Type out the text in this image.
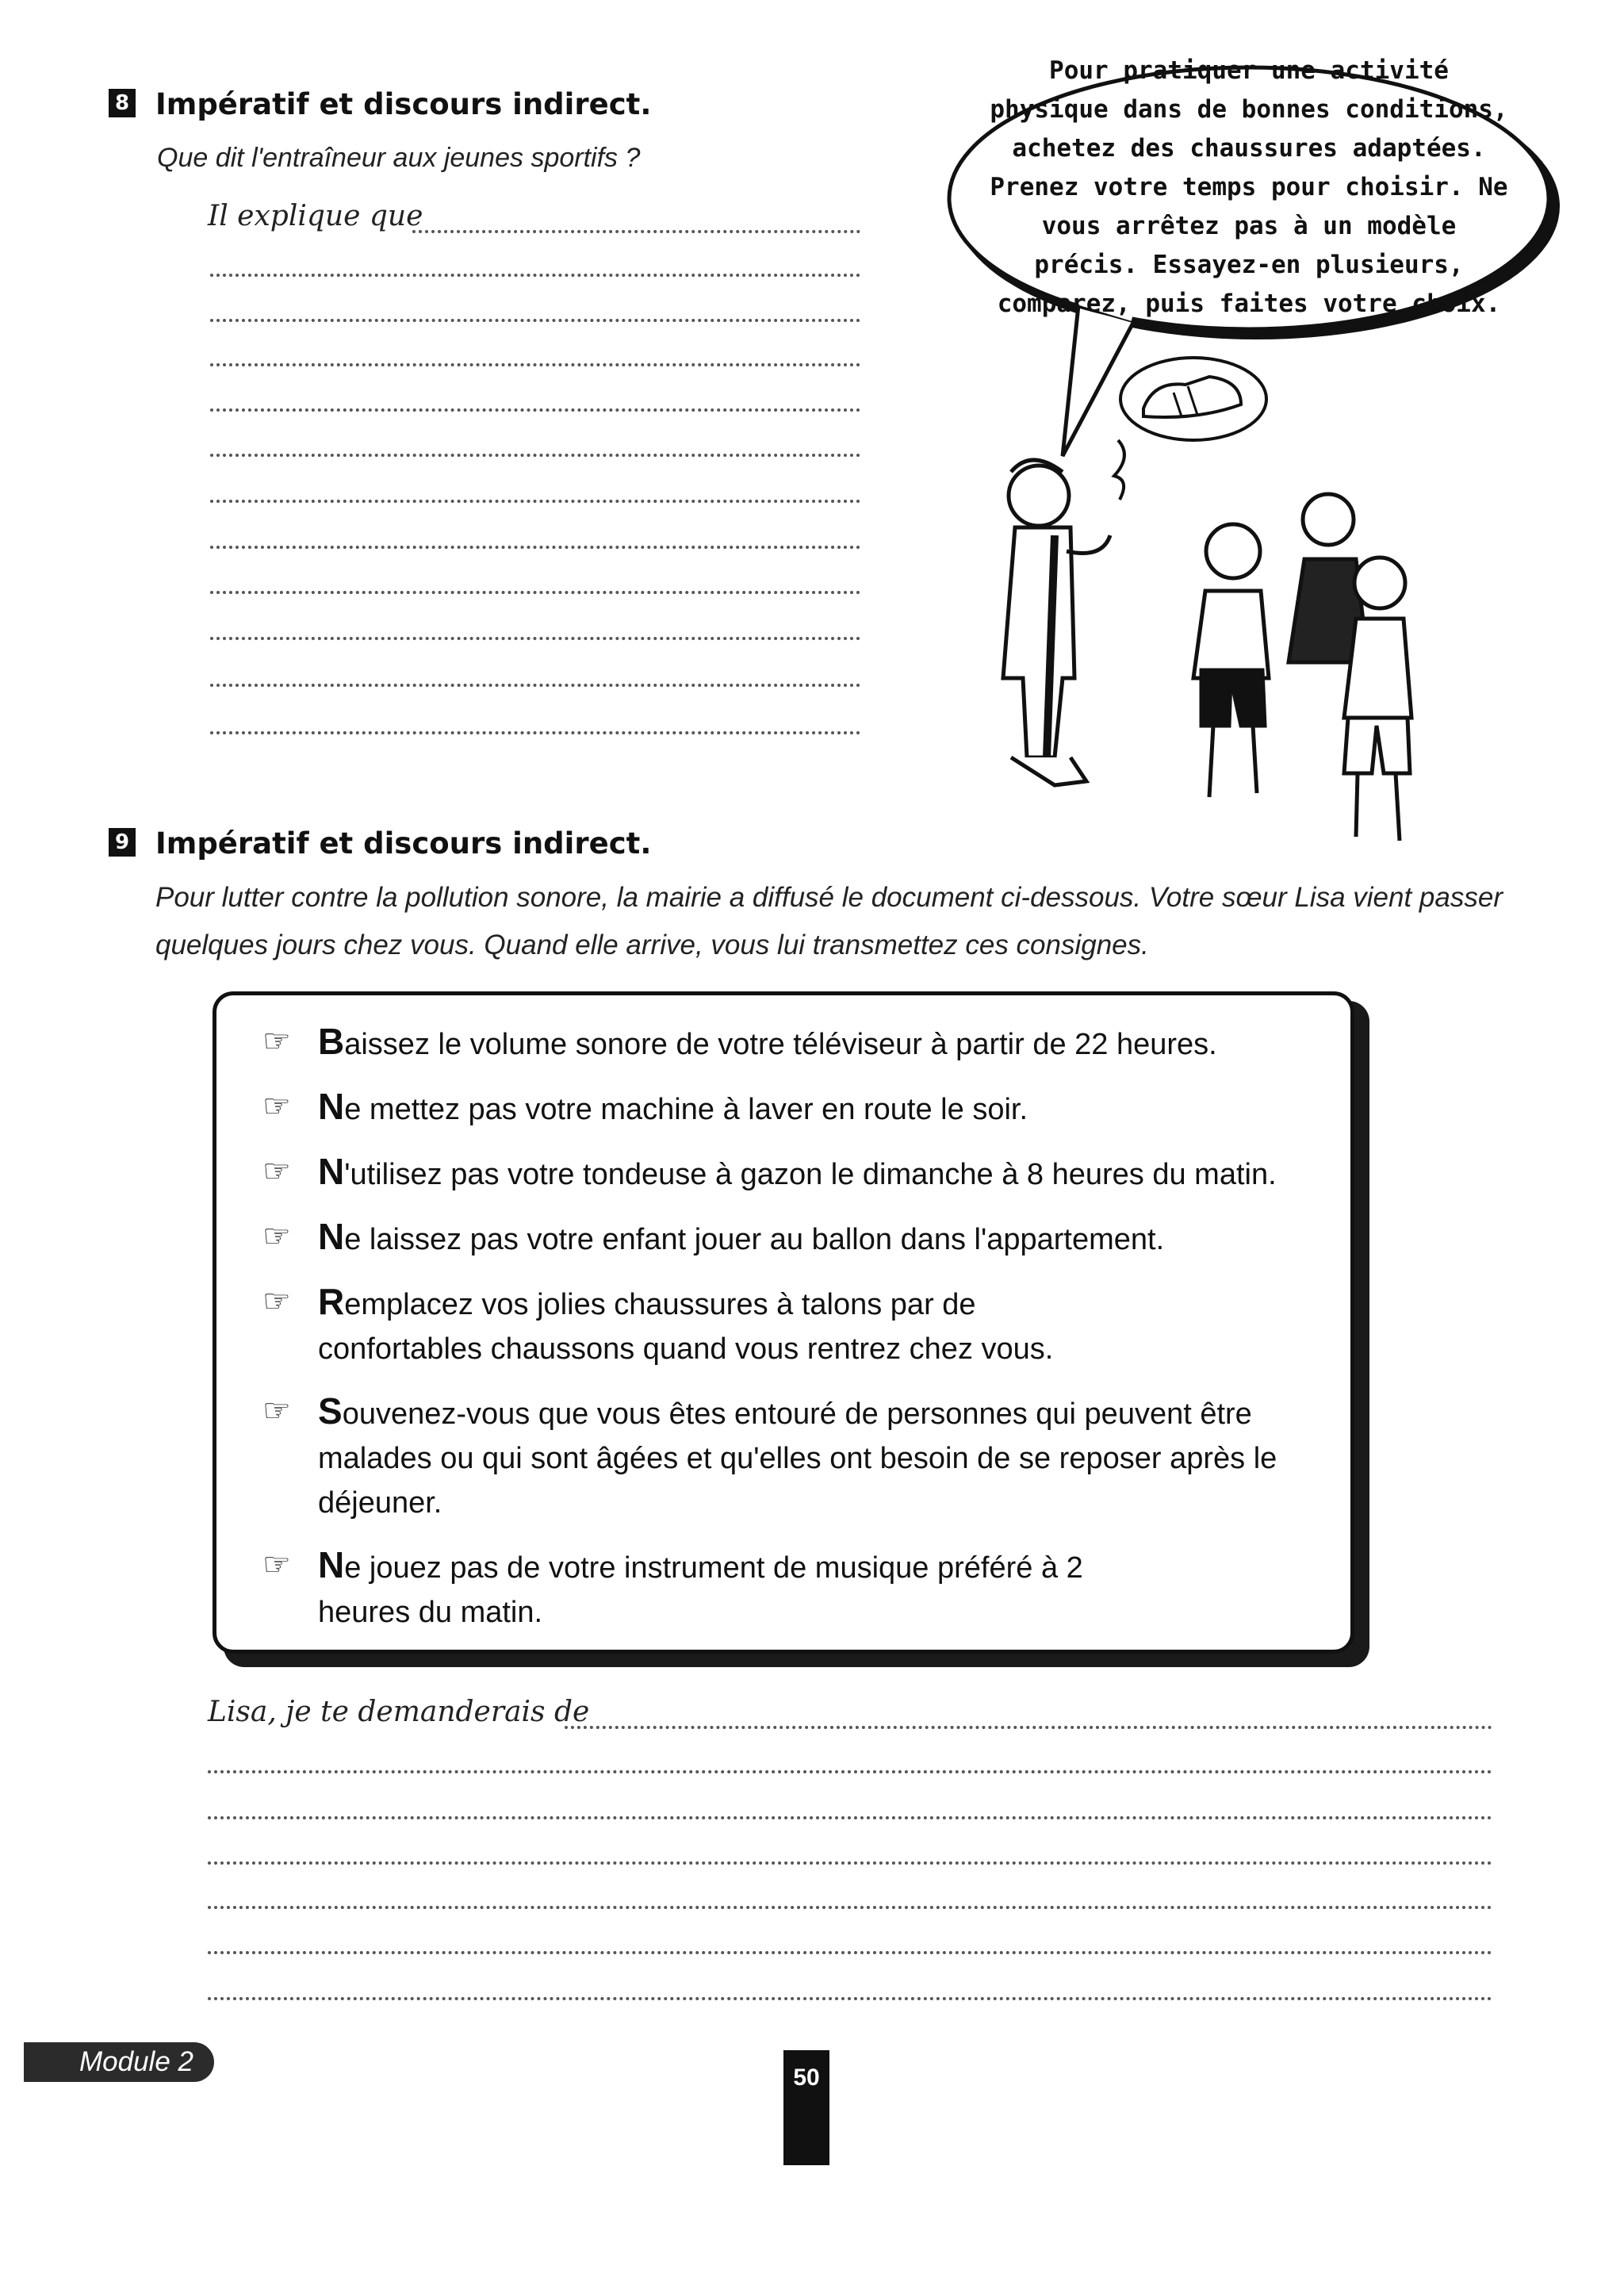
8 Impératif et discours indirect.
Que dit l'entraîneur aux jeunes sportifs ?
Il explique que
Pour pratiquer une activité physique dans de bonnes conditions, achetez des chaussures adaptées. Prenez votre temps pour choisir. Ne vous arrêtez pas à un modèle précis. Essayez-en plusieurs, comparez, puis faites votre choix.
9 Impératif et discours indirect.
Pour lutter contre la pollution sonore, la mairie a diffusé le document ci-dessous. Votre sœur Lisa vient passer quelques jours chez vous. Quand elle arrive, vous lui transmettez ces consignes.
☞ Baissez le volume sonore de votre téléviseur à partir de 22 heures.
☞ Ne mettez pas votre machine à laver en route le soir.
☞ N'utilisez pas votre tondeuse à gazon le dimanche à 8 heures du matin.
☞ Ne laissez pas votre enfant jouer au ballon dans l'appartement.
☞ Remplacez vos jolies chaussures à talons par de confortables chaussons quand vous rentrez chez vous.
☞ Souvenez-vous que vous êtes entouré de personnes qui peuvent être malades ou qui sont âgées et qu'elles ont besoin de se reposer après le déjeuner.
☞ Ne jouez pas de votre instrument de musique préféré à 2 heures du matin.
Lisa, je te demanderais de
Module 2
50
